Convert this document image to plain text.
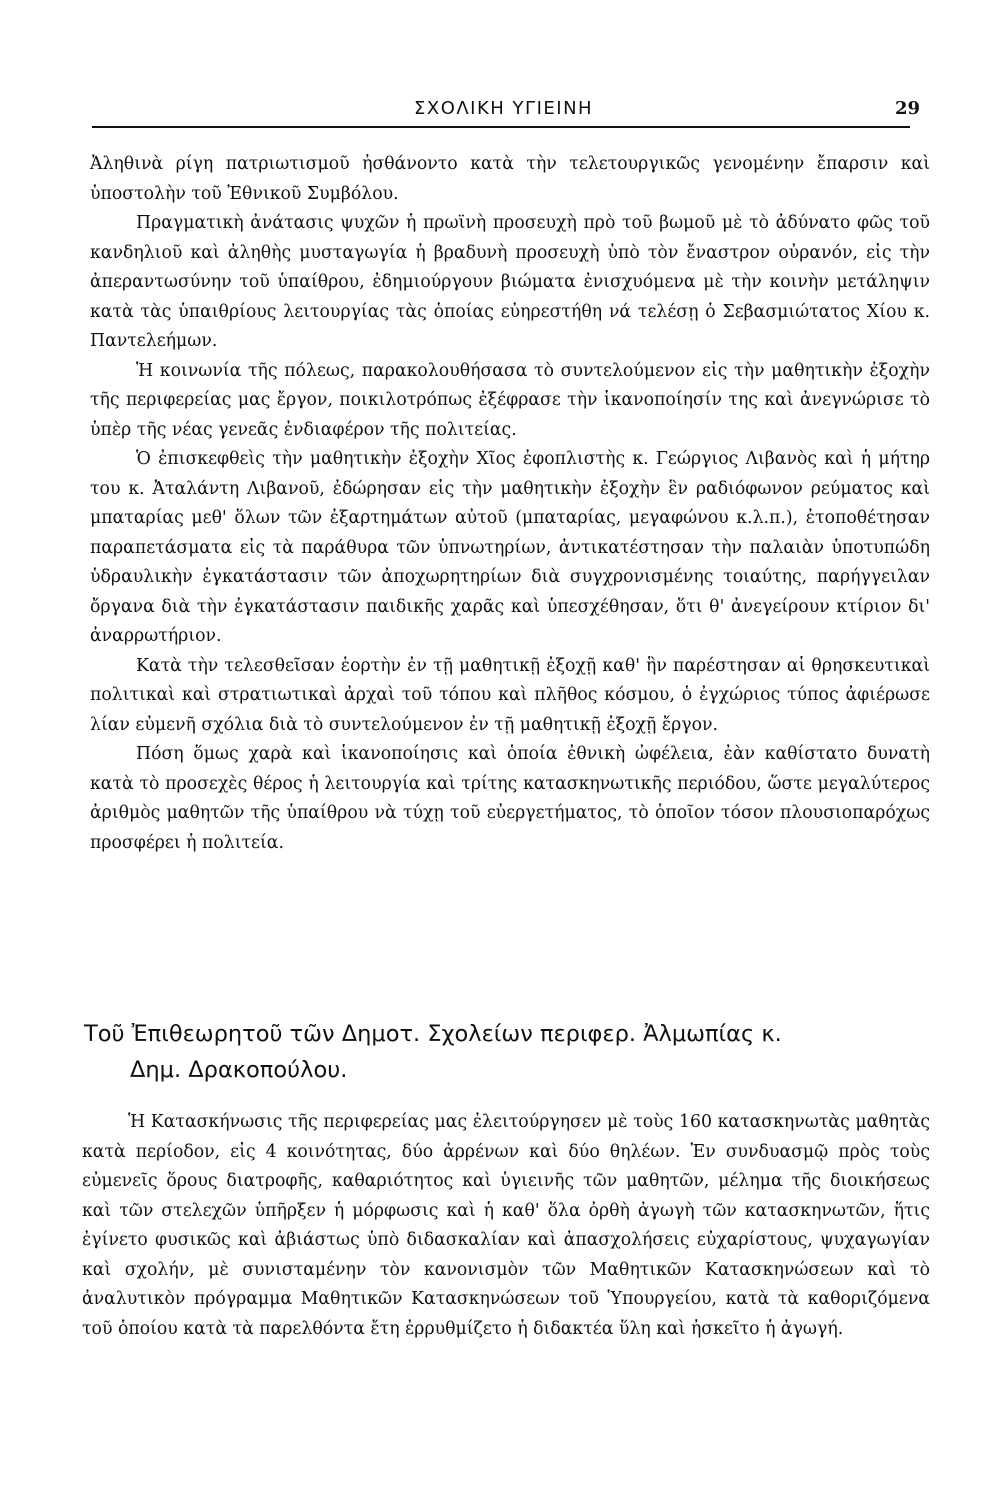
ΣΧΟΛΙΚΗ ΥΓΙΕΙΝΗ	29

Ἀληθινὰ ρίγη πατριωτισμοῦ ἠσθάνοντο κατὰ τὴν τελετουργικῶς γενομένην ἔπαρσιν καὶ ὑποστολὴν τοῦ Ἐθνικοῦ Συμβόλου.

Πραγματικὴ ἀνάτασις ψυχῶν ἡ πρωϊνὴ προσευχὴ πρὸ τοῦ βωμοῦ μὲ τὸ ἀδύνατο φῶς τοῦ κανδηλιοῦ καὶ ἀληθὴς μυσταγωγία ἡ βραδυνὴ προσευχὴ ὑπὸ τὸν ἔναστρον οὐρανόν, εἰς τὴν ἀπεραντωσύνην τοῦ ὑπαίθρου, ἐδημιούργουν βιώματα ἐνισχυόμενα μὲ τὴν κοινὴν μετάληψιν κατὰ τὰς ὑπαιθρίους λειτουργίας τὰς ὁποίας εὐηρεστήθη νά τελέσῃ ὁ Σεβασμιώτατος Χίου κ. Παντελεήμων.

Ἡ κοινωνία τῆς πόλεως, παρακολουθήσασα τὸ συντελούμενον εἰς τὴν μαθητικὴν ἐξοχὴν τῆς περιφερείας μας ἔργον, ποικιλοτρόπως ἐξέφρασε τὴν ἱκανοποίησίν της καὶ ἀνεγνώρισε τὸ ὑπὲρ τῆς νέας γενεᾶς ἐνδιαφέρον τῆς πολιτείας.

Ὁ ἐπισκεφθεὶς τὴν μαθητικὴν ἐξοχὴν Χῖος ἐφοπλιστὴς κ. Γεώργιος Λιβανὸς καὶ ἡ μήτηρ του κ. Ἀταλάντη Λιβανοῦ, ἐδώρησαν εἰς τὴν μαθητικὴν ἐξοχὴν ἓν ραδιόφωνον ρεύματος καὶ μπαταρίας μεθ' ὅλων τῶν ἐξαρτημάτων αὐτοῦ (μπαταρίας, μεγαφώνου κ.λ.π.), ἐτοποθέτησαν παραπετάσματα εἰς τὰ παράθυρα τῶν ὑπνωτηρίων, ἀντικατέστησαν τὴν παλαιὰν ὑποτυπώδη ὑδραυλικὴν ἐγκατάστασιν τῶν ἀποχωρητηρίων διὰ συγχρονισμένης τοιαύτης, παρήγγειλαν ὄργανα διὰ τὴν ἐγκατάστασιν παιδικῆς χαρᾶς καὶ ὑπεσχέθησαν, ὅτι θ' ἀνεγείρουν κτίριον δι' ἀναρρωτήριον.

Κατὰ τὴν τελεσθεῖσαν ἑορτὴν ἐν τῇ μαθητικῇ ἐξοχῇ καθ' ἣν παρέστησαν αἱ θρησκευτικαὶ πολιτικαὶ καὶ στρατιωτικαὶ ἀρχαὶ τοῦ τόπου καὶ πλῆθος κόσμου, ὁ ἐγχώριος τύπος ἀφιέρωσε λίαν εὐμενῆ σχόλια διὰ τὸ συντελούμενον ἐν τῇ μαθητικῇ ἐξοχῇ ἔργον.

Πόση ὅμως χαρὰ καὶ ἱκανοποίησις καὶ ὁποία ἐθνικὴ ὠφέλεια, ἐὰν καθίστατο δυνατὴ κατὰ τὸ προσεχὲς θέρος ἡ λειτουργία καὶ τρίτης κατασκηνωτικῆς περιόδου, ὥστε μεγαλύτερος ἀριθμὸς μαθητῶν τῆς ὑπαίθρου νὰ τύχῃ τοῦ εὐεργετήματος, τὸ ὁποῖον τόσον πλουσιοπαρόχως προσφέρει ἡ πολιτεία.

Τοῦ Ἐπιθεωρητοῦ τῶν Δημοτ. Σχολείων περιφερ. Ἀλμωπίας κ.
Δημ. Δρακοπούλου.

Ἡ Κατασκήνωσις τῆς περιφερείας μας ἐλειτούργησεν μὲ τοὺς 160 κατασκηνωτὰς μαθητὰς κατὰ περίοδον, εἰς 4 κοινότητας, δύο ἀρρένων καὶ δύο θηλέων. Ἐν συνδυασμῷ πρὸς τοὺς εὐμενεῖς ὅρους διατροφῆς, καθαριότητος καὶ ὑγιεινῆς τῶν μαθητῶν, μέλημα τῆς διοικήσεως καὶ τῶν στελεχῶν ὑπῆρξεν ἡ μόρφωσις καὶ ἡ καθ' ὅλα ὀρθὴ ἀγωγὴ τῶν κατασκηνωτῶν, ἥτις ἐγίνετο φυσικῶς καὶ ἀβιάστως ὑπὸ διδασκαλίαν καὶ ἀπασχολήσεις εὐχαρίστους, ψυχαγωγίαν καὶ σχολήν, μὲ συνισταμένην τὸν κανονισμὸν τῶν Μαθητικῶν Κατασκηνώσεων καὶ τὸ ἀναλυτικὸν πρόγραμμα Μαθητικῶν Κατασκηνώσεων τοῦ Ὑπουργείου, κατὰ τὰ καθοριζόμενα τοῦ ὁποίου κατὰ τὰ παρελθόντα ἔτη ἐρρυθμίζετο ἡ διδακτέα ὕλη καὶ ἠσκεῖτο ἡ ἀγωγή.
